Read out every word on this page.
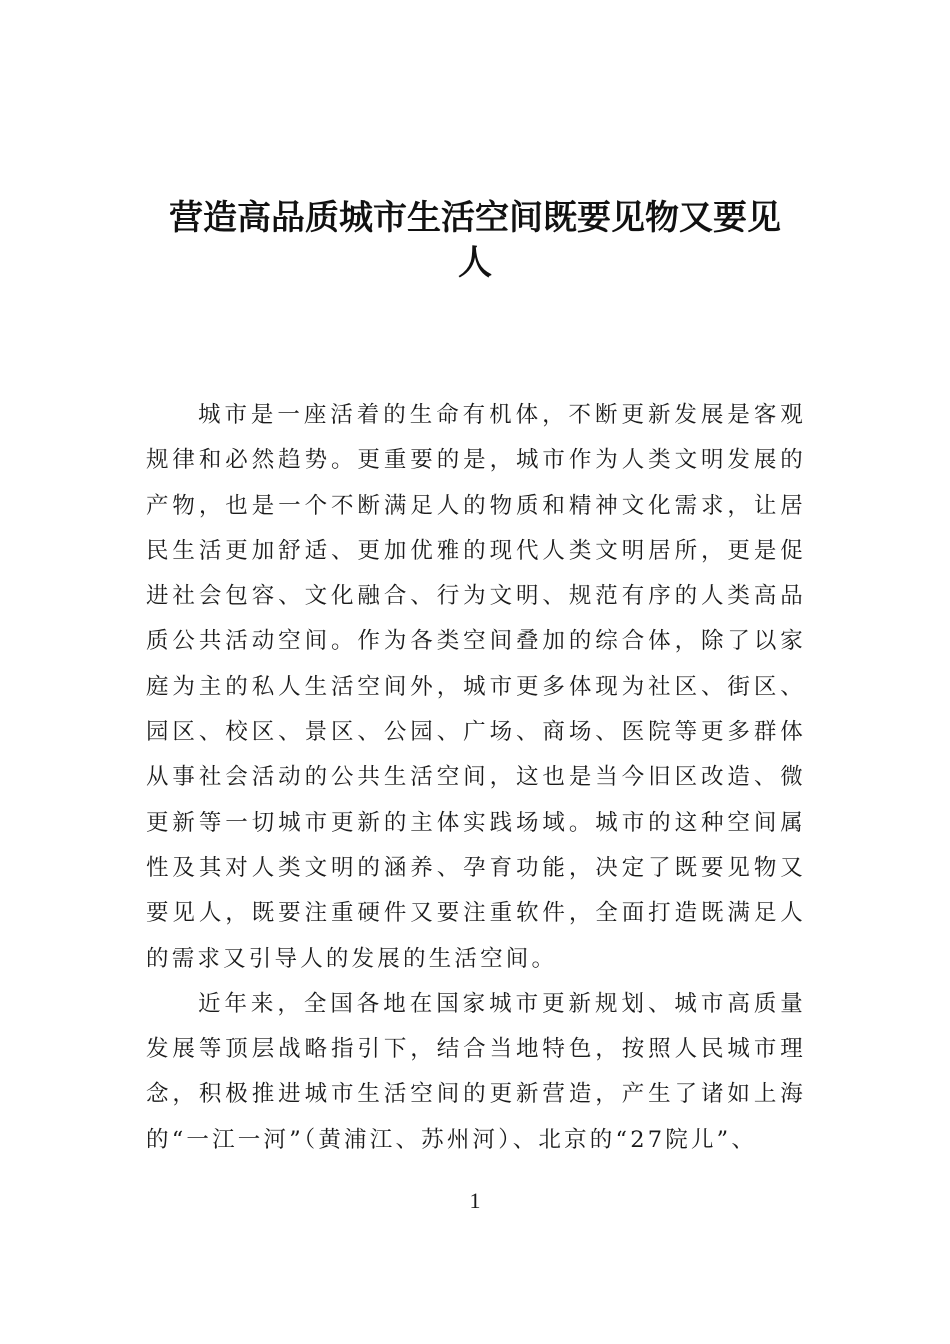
营造高品质城市生活空间既要见物又要见
人

城市是一座活着的生命有机体，不断更新发展是客观规律和必然趋势。更重要的是，城市作为人类文明发展的产物，也是一个不断满足人的物质和精神文化需求，让居民生活更加舒适、更加优雅的现代人类文明居所，更是促进社会包容、文化融合、行为文明、规范有序的人类高品质公共活动空间。作为各类空间叠加的综合体，除了以家庭为主的私人生活空间外，城市更多体现为社区、街区、园区、校区、景区、公园、广场、商场、医院等更多群体从事社会活动的公共生活空间，这也是当今旧区改造、微更新等一切城市更新的主体实践场域。城市的这种空间属性及其对人类文明的涵养、孕育功能，决定了既要见物又要见人，既要注重硬件又要注重软件，全面打造既满足人的需求又引导人的发展的生活空间。

近年来，全国各地在国家城市更新规划、城市高质量发展等顶层战略指引下，结合当地特色，按照人民城市理念，积极推进城市生活空间的更新营造，产生了诸如上海的“一江一河”（黄浦江、苏州河）、北京的“27院儿”、

1
